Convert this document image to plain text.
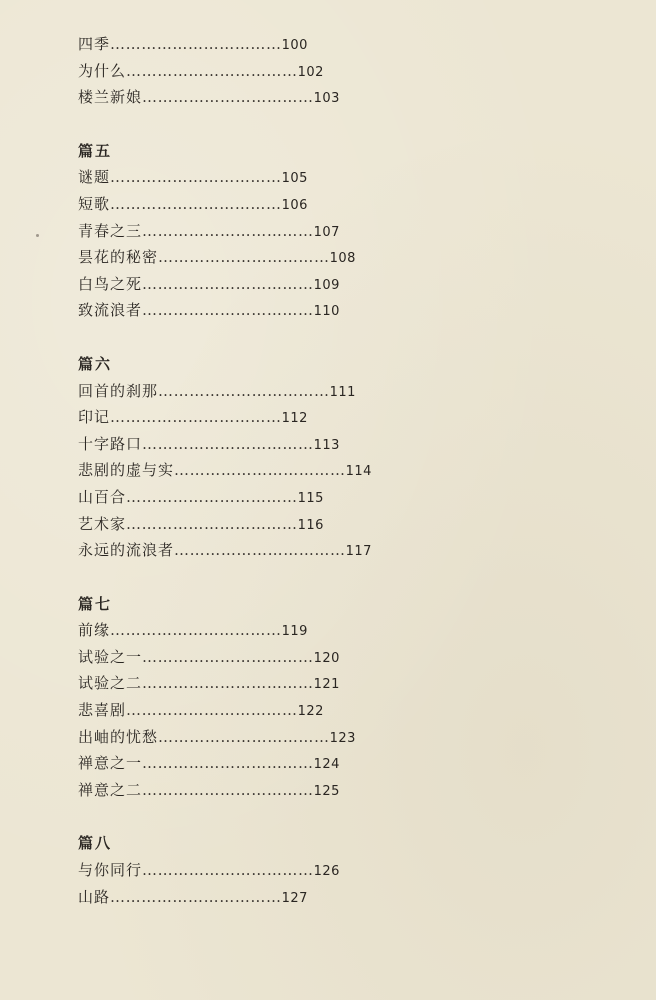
四季……………………………100
为什么……………………………102
楼兰新娘……………………………103
篇五
谜题……………………………105
短歌……………………………106
青春之三……………………………107
昙花的秘密……………………………108
白鸟之死……………………………109
致流浪者……………………………110
篇六
回首的刹那……………………………111
印记……………………………112
十字路口……………………………113
悲剧的虚与实……………………………114
山百合……………………………115
艺术家……………………………116
永远的流浪者……………………………117
篇七
前缘……………………………119
试验之一……………………………120
试验之二……………………………121
悲喜剧……………………………122
出岫的忧愁……………………………123
禅意之一……………………………124
禅意之二……………………………125
篇八
与你同行……………………………126
山路……………………………127
